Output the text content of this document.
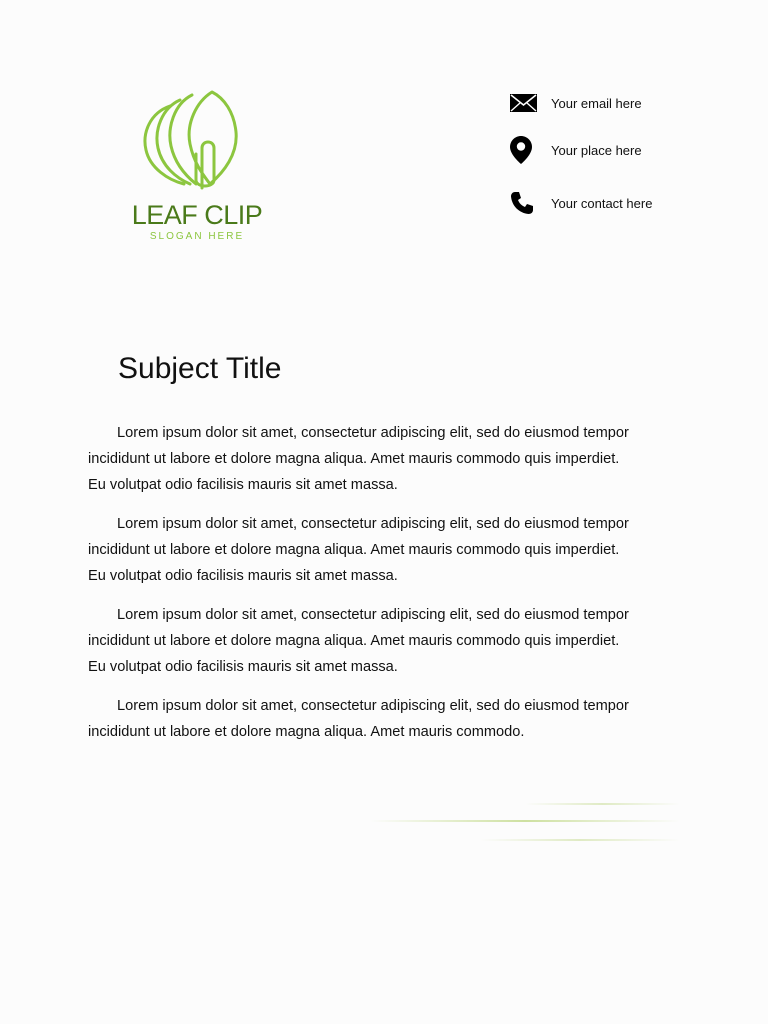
LEAF CLIP
SLOGAN HERE
Your email here
Your place here
Your contact here
Subject Title

Lorem ipsum dolor sit amet, consectetur adipiscing elit, sed do eiusmod tempor incididunt ut labore et dolore magna aliqua. Amet mauris commodo quis imperdiet. Eu volutpat odio facilisis mauris sit amet massa.

Lorem ipsum dolor sit amet, consectetur adipiscing elit, sed do eiusmod tempor incididunt ut labore et dolore magna aliqua. Amet mauris commodo quis imperdiet. Eu volutpat odio facilisis mauris sit amet massa.

Lorem ipsum dolor sit amet, consectetur adipiscing elit, sed do eiusmod tempor incididunt ut labore et dolore magna aliqua. Amet mauris commodo quis imperdiet. Eu volutpat odio facilisis mauris sit amet massa.

Lorem ipsum dolor sit amet, consectetur adipiscing elit, sed do eiusmod tempor incididunt ut labore et dolore magna aliqua. Amet mauris commodo.
